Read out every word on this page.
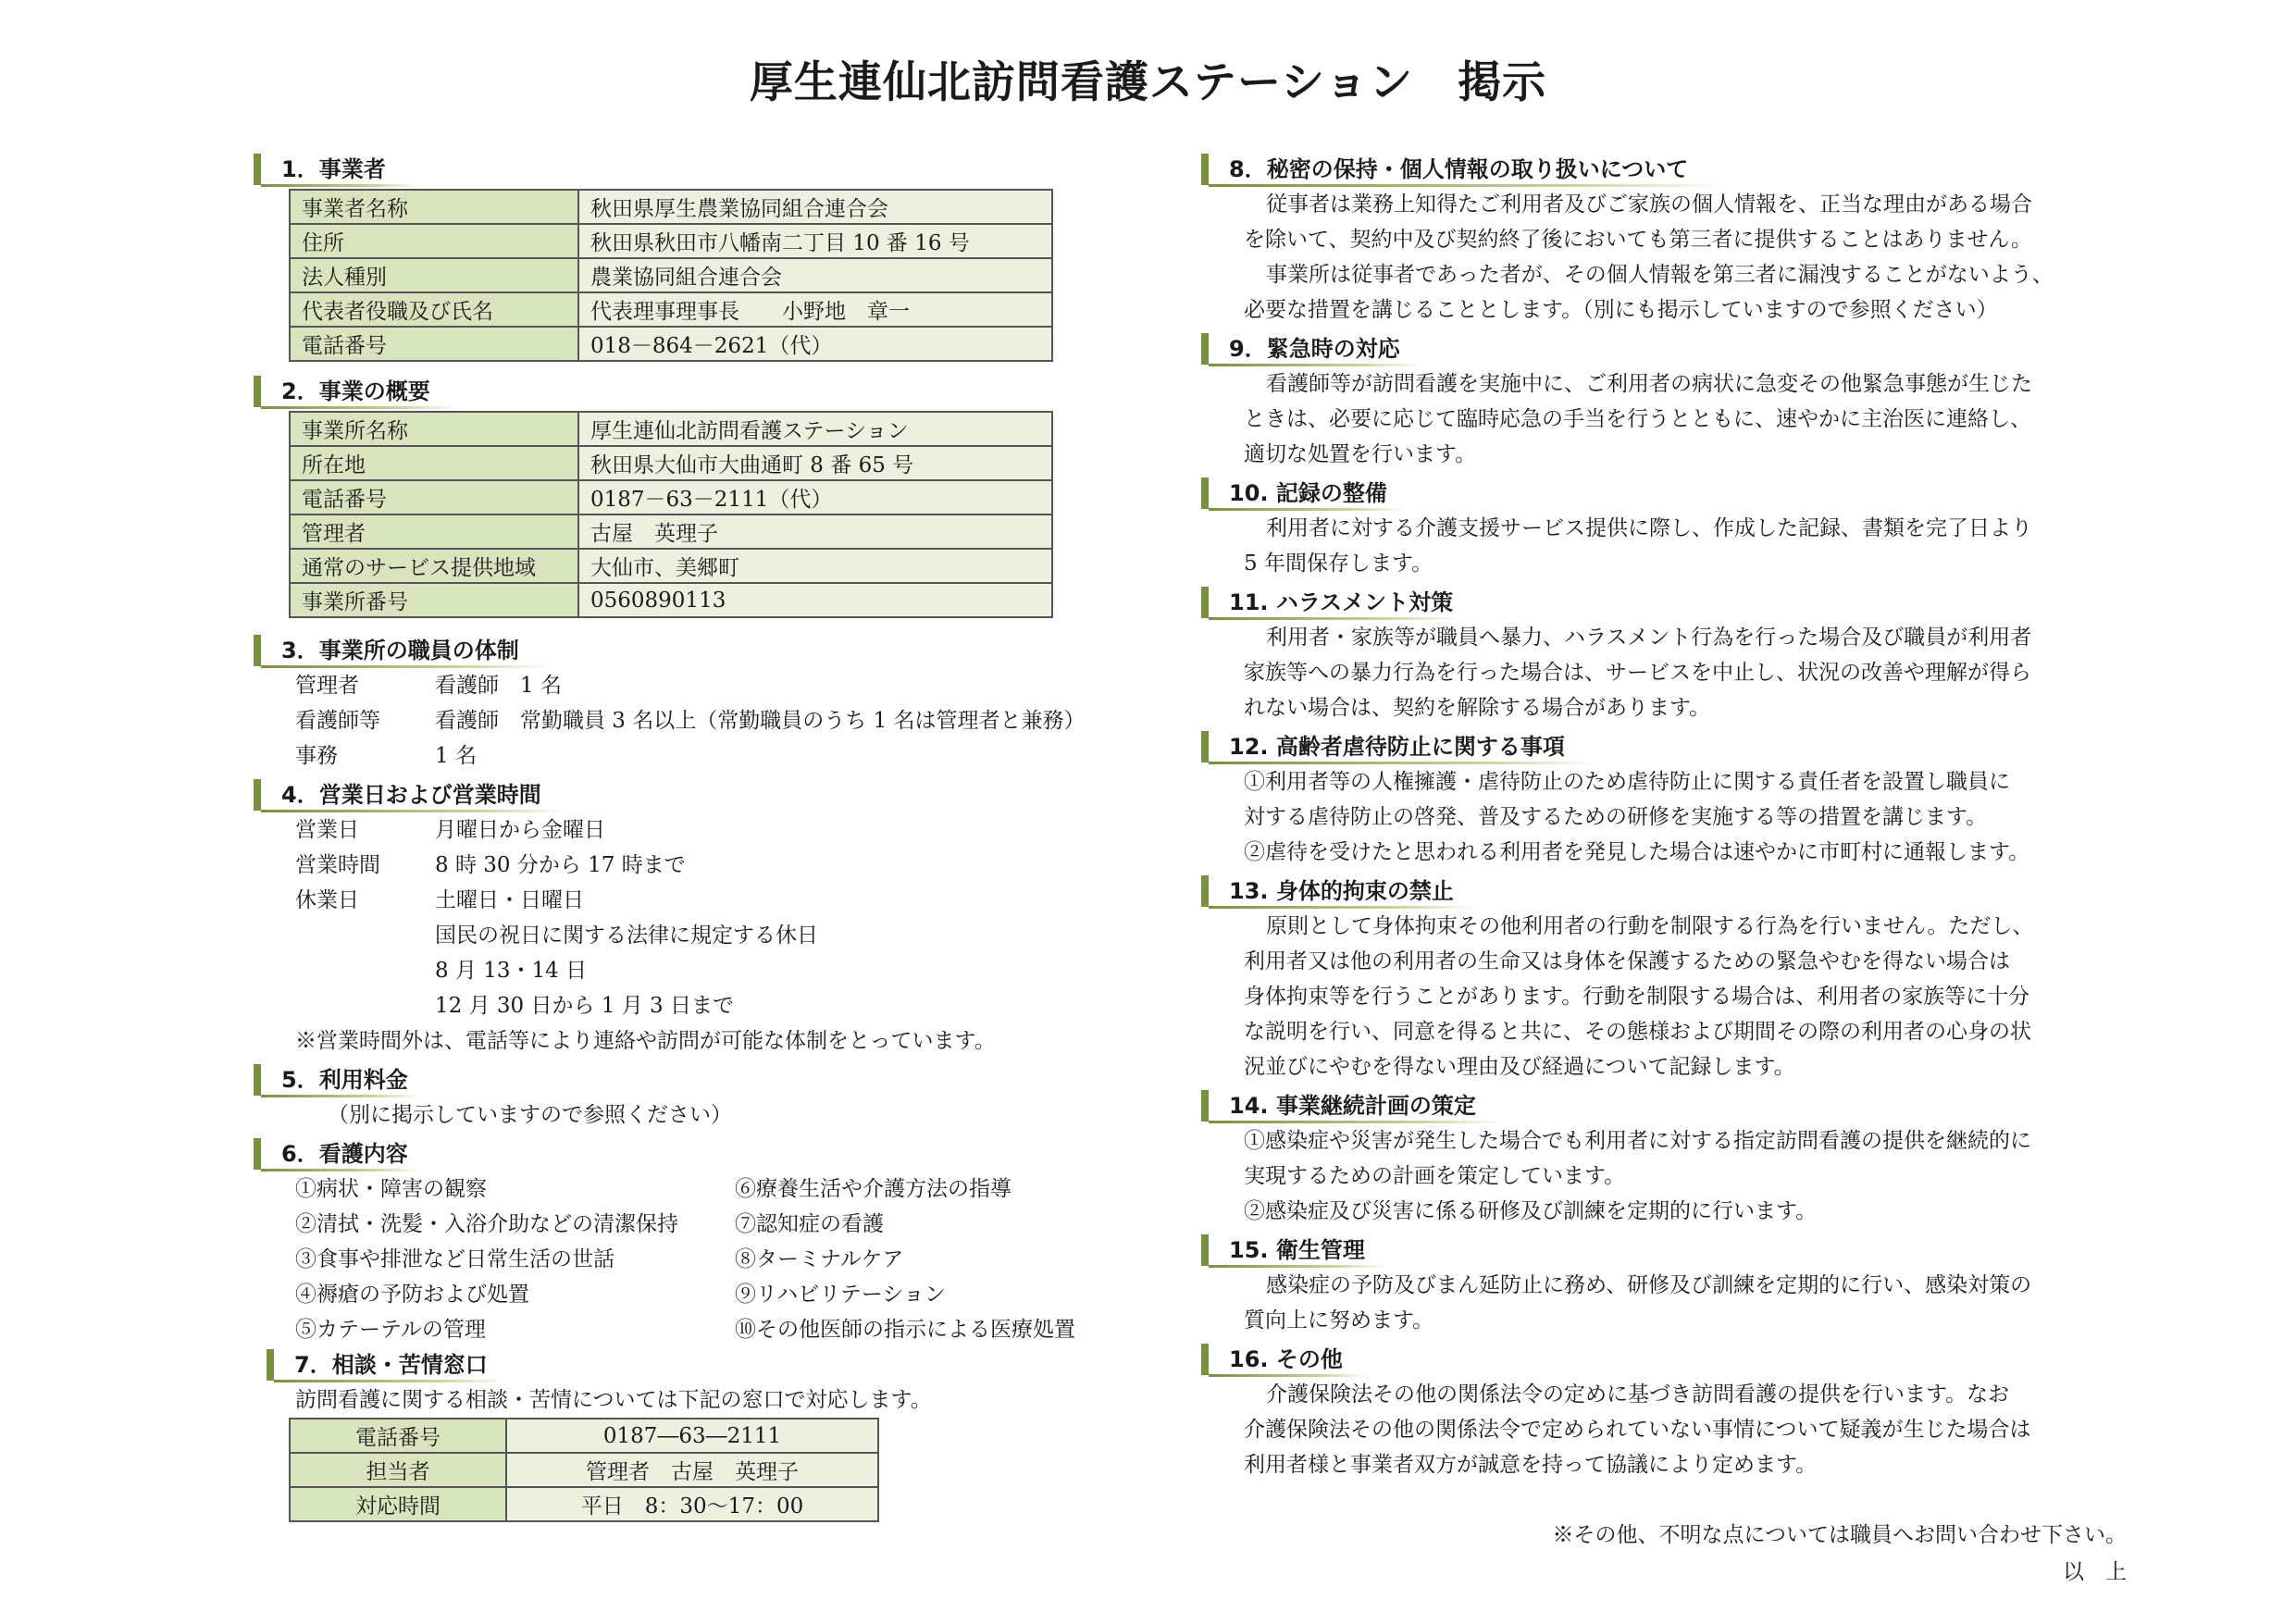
厚生連仙北訪問看護ステーション　掲示
1．事業者
事業者名称	秋田県厚生農業協同組合連合会
住所	秋田県秋田市八幡南二丁目 10 番 16 号
法人種別	農業協同組合連合会
代表者役職及び氏名	代表理事理事長　　小野地　章一
電話番号	018－864－2621（代）
2．事業の概要
事業所名称	厚生連仙北訪問看護ステーション
所在地	秋田県大仙市大曲通町 8 番 65 号
電話番号	0187－63－2111（代）
管理者	古屋　英理子
通常のサービス提供地域	大仙市、美郷町
事業所番号	0560890113
3．事業所の職員の体制
管理者	看護師　1 名
看護師等	看護師　常勤職員 3 名以上（常勤職員のうち 1 名は管理者と兼務）
事務	1 名
4．営業日および営業時間
営業日	月曜日から金曜日
営業時間	8 時 30 分から 17 時まで
休業日	土曜日・日曜日
国民の祝日に関する法律に規定する休日
8 月 13・14 日
12 月 30 日から 1 月 3 日まで
※営業時間外は、電話等により連絡や訪問が可能な体制をとっています。
5．利用料金
（別に掲示していますので参照ください）
6．看護内容
①病状・障害の観察
②清拭・洗髪・入浴介助などの清潔保持
③食事や排泄など日常生活の世話
④褥瘡の予防および処置
⑤カテーテルの管理
⑥療養生活や介護方法の指導
⑦認知症の看護
⑧ターミナルケア
⑨リハビリテーション
⑩その他医師の指示による医療処置
7．相談・苦情窓口
訪問看護に関する相談・苦情については下記の窓口で対応します。
電話番号	0187―63―2111
担当者	管理者　古屋　英理子
対応時間	平日　8：30～17：00
8．秘密の保持・個人情報の取り扱いについて
従事者は業務上知得たご利用者及びご家族の個人情報を、正当な理由がある場合
を除いて、契約中及び契約終了後においても第三者に提供することはありません。
事業所は従事者であった者が、その個人情報を第三者に漏洩することがないよう、
必要な措置を講じることとします。（別にも掲示していますので参照ください）
9．緊急時の対応
看護師等が訪問看護を実施中に、ご利用者の病状に急変その他緊急事態が生じた
ときは、必要に応じて臨時応急の手当を行うとともに、速やかに主治医に連絡し、
適切な処置を行います。
10. 記録の整備
利用者に対する介護支援サービス提供に際し、作成した記録、書類を完了日より
5 年間保存します。
11. ハラスメント対策
利用者・家族等が職員へ暴力、ハラスメント行為を行った場合及び職員が利用者
家族等への暴力行為を行った場合は、サービスを中止し、状況の改善や理解が得ら
れない場合は、契約を解除する場合があります。
12. 高齢者虐待防止に関する事項
①利用者等の人権擁護・虐待防止のため虐待防止に関する責任者を設置し職員に
対する虐待防止の啓発、普及するための研修を実施する等の措置を講じます。
②虐待を受けたと思われる利用者を発見した場合は速やかに市町村に通報します。
13. 身体的拘束の禁止
原則として身体拘束その他利用者の行動を制限する行為を行いません。ただし、
利用者又は他の利用者の生命又は身体を保護するための緊急やむを得ない場合は
身体拘束等を行うことがあります。行動を制限する場合は、利用者の家族等に十分
な説明を行い、同意を得ると共に、その態様および期間その際の利用者の心身の状
況並びにやむを得ない理由及び経過について記録します。
14. 事業継続計画の策定
①感染症や災害が発生した場合でも利用者に対する指定訪問看護の提供を継続的に
実現するための計画を策定しています。
②感染症及び災害に係る研修及び訓練を定期的に行います。
15. 衛生管理
感染症の予防及びまん延防止に務め、研修及び訓練を定期的に行い、感染対策の
質向上に努めます。
16. その他
介護保険法その他の関係法令の定めに基づき訪問看護の提供を行います。なお
介護保険法その他の関係法令で定められていない事情について疑義が生じた場合は
利用者様と事業者双方が誠意を持って協議により定めます。
※その他、不明な点については職員へお問い合わせ下さい。
以　上
